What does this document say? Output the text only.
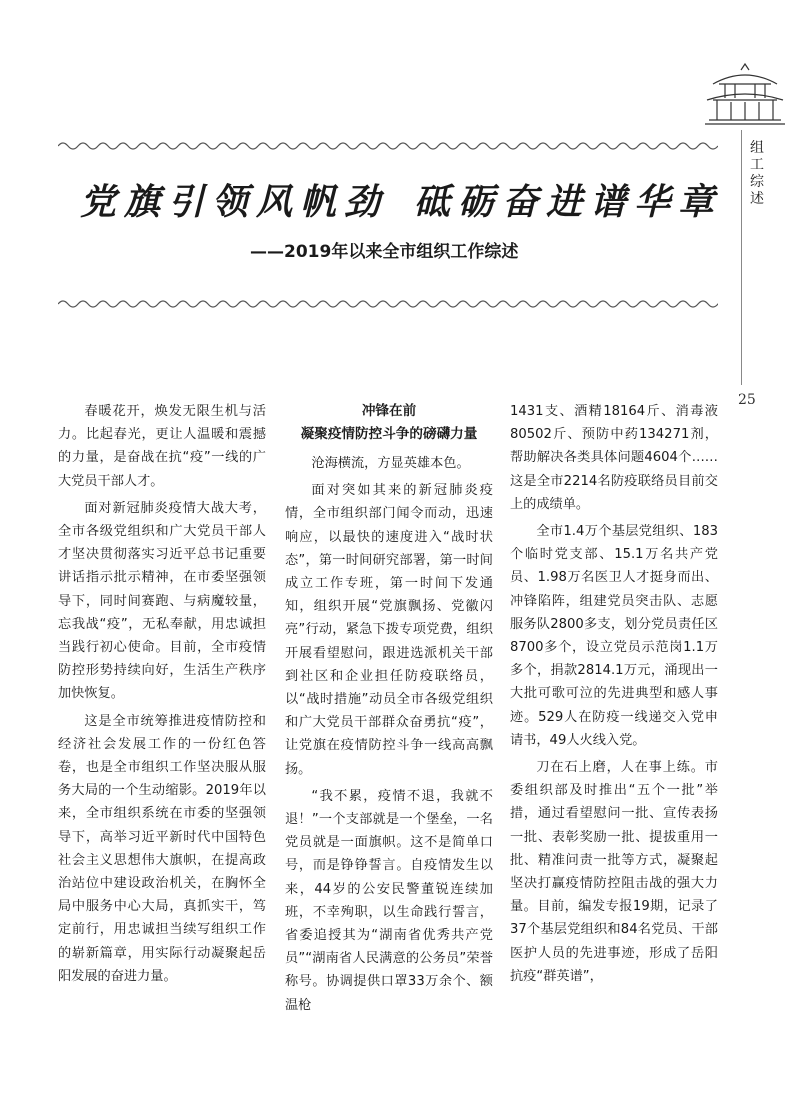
组工综述
25
党旗引领风帆劲 砥砺奋进谱华章
——2019年以来全市组织工作综述

春暖花开，焕发无限生机与活力。比起春光，更让人温暖和震撼的力量，是奋战在抗“疫”一线的广大党员干部人才。

面对新冠肺炎疫情大战大考，全市各级党组织和广大党员干部人才坚决贯彻落实习近平总书记重要讲话指示批示精神，在市委坚强领导下，同时间赛跑、与病魔较量，忘我战“疫”，无私奉献，用忠诚担当践行初心使命。目前，全市疫情防控形势持续向好，生活生产秩序加快恢复。

这是全市统筹推进疫情防控和经济社会发展工作的一份红色答卷，也是全市组织工作坚决服从服务大局的一个生动缩影。2019年以来，全市组织系统在市委的坚强领导下，高举习近平新时代中国特色社会主义思想伟大旗帜，在提高政治站位中建设政治机关，在胸怀全局中服务中心大局，真抓实干，笃定前行，用忠诚担当续写组织工作的崭新篇章，用实际行动凝聚起岳阳发展的奋进力量。

冲锋在前
凝聚疫情防控斗争的磅礴力量

沧海横流，方显英雄本色。

面对突如其来的新冠肺炎疫情，全市组织部门闻令而动，迅速响应，以最快的速度进入“战时状态”，第一时间研究部署，第一时间成立工作专班，第一时间下发通知，组织开展“党旗飘扬、党徽闪亮”行动，紧急下拨专项党费，组织开展看望慰问，跟进选派机关干部到社区和企业担任防疫联络员，以“战时措施”动员全市各级党组织和广大党员干部群众奋勇抗“疫”，让党旗在疫情防控斗争一线高高飘扬。

“我不累，疫情不退，我就不退！”一个支部就是一个堡垒，一名党员就是一面旗帜。这不是简单口号，而是铮铮誓言。自疫情发生以来，44岁的公安民警董锐连续加班，不幸殉职，以生命践行誓言，省委追授其为“湖南省优秀共产党员”“湖南省人民满意的公务员”荣誉称号。协调提供口罩33万余个、额温枪

1431支、酒精18164斤、消毒液80502斤、预防中药134271剂，帮助解决各类具体问题4604个……这是全市2214名防疫联络员目前交上的成绩单。

全市1.4万个基层党组织、183个临时党支部、15.1万名共产党员、1.98万名医卫人才挺身而出、冲锋陷阵，组建党员突击队、志愿服务队2800多支，划分党员责任区8700多个，设立党员示范岗1.1万多个，捐款2814.1万元，涌现出一大批可歌可泣的先进典型和感人事迹。529人在防疫一线递交入党申请书，49人火线入党。

刀在石上磨，人在事上练。市委组织部及时推出“五个一批”举措，通过看望慰问一批、宣传表扬一批、表彰奖励一批、提拔重用一批、精准问责一批等方式，凝聚起坚决打赢疫情防控阻击战的强大力量。目前，编发专报19期，记录了37个基层党组织和84名党员、干部医护人员的先进事迹，形成了岳阳抗疫“群英谱”，
